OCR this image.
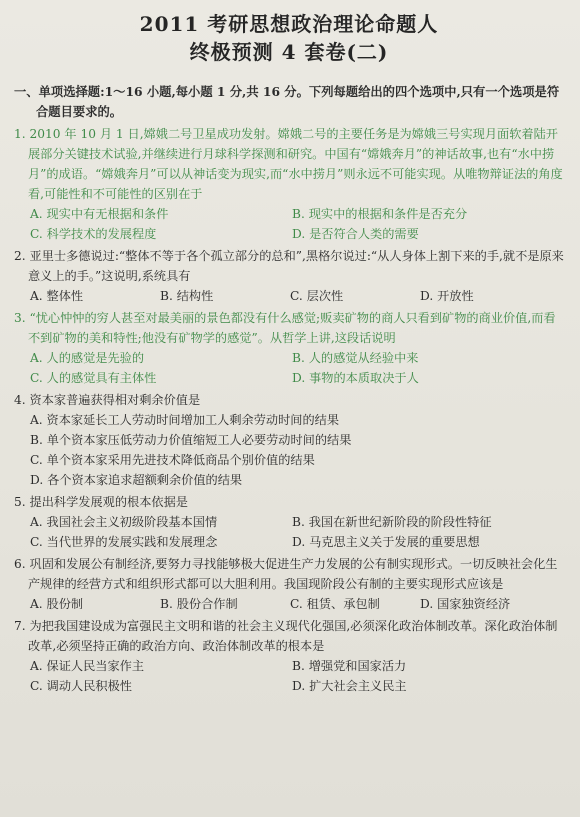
2011 考研思想政治理论命题人
终极预测 4 套卷(二)

一、单项选择题:1～16 小题,每小题 1 分,共 16 分。下列每题给出的四个选项中,只有一个选项是符合题目要求的。

1. 2010 年 10 月 1 日,嫦娥二号卫星成功发射。嫦娥二号的主要任务是为嫦娥三号实现月面软着陆开展部分关键技术试验,并继续进行月球科学探测和研究。中国有“嫦娥奔月”的神话故事,也有“水中捞月”的成语。“嫦娥奔月”可以从神话变为现实,而“水中捞月”则永远不可能实现。从唯物辩证法的角度看,可能性和不可能性的区别在于

A. 现实中有无根据和条件	B. 现实中的根据和条件是否充分
C. 科学技术的发展程度	D. 是否符合人类的需要

2. 亚里士多德说过:“整体不等于各个孤立部分的总和”,黑格尔说过:“从人身体上割下来的手,就不是原来意义上的手。”这说明,系统具有

A. 整体性	B. 结构性	C. 层次性	D. 开放性

3. “忧心忡忡的穷人甚至对最美丽的景色都没有什么感觉;贩卖矿物的商人只看到矿物的商业价值,而看不到矿物的美和特性;他没有矿物学的感觉”。从哲学上讲,这段话说明

A. 人的感觉是先验的	B. 人的感觉从经验中来
C. 人的感觉具有主体性	D. 事物的本质取决于人

4. 资本家普遍获得相对剩余价值是

A. 资本家延长工人劳动时间增加工人剩余劳动时间的结果
B. 单个资本家压低劳动力价值缩短工人必要劳动时间的结果
C. 单个资本家采用先进技术降低商品个别价值的结果
D. 各个资本家追求超额剩余价值的结果

5. 提出科学发展观的根本依据是

A. 我国社会主义初级阶段基本国情	B. 我国在新世纪新阶段的阶段性特征
C. 当代世界的发展实践和发展理念	D. 马克思主义关于发展的重要思想

6. 巩固和发展公有制经济,要努力寻找能够极大促进生产力发展的公有制实现形式。一切反映社会化生产规律的经营方式和组织形式都可以大胆利用。我国现阶段公有制的主要实现形式应该是

A. 股份制	B. 股份合作制	C. 租赁、承包制	D. 国家独资经济

7. 为把我国建设成为富强民主文明和谐的社会主义现代化强国,必须深化政治体制改革。深化政治体制改革,必须坚持正确的政治方向、政治体制改革的根本是

A. 保证人民当家作主	B. 增强党和国家活力
C. 调动人民积极性	D. 扩大社会主义民主
